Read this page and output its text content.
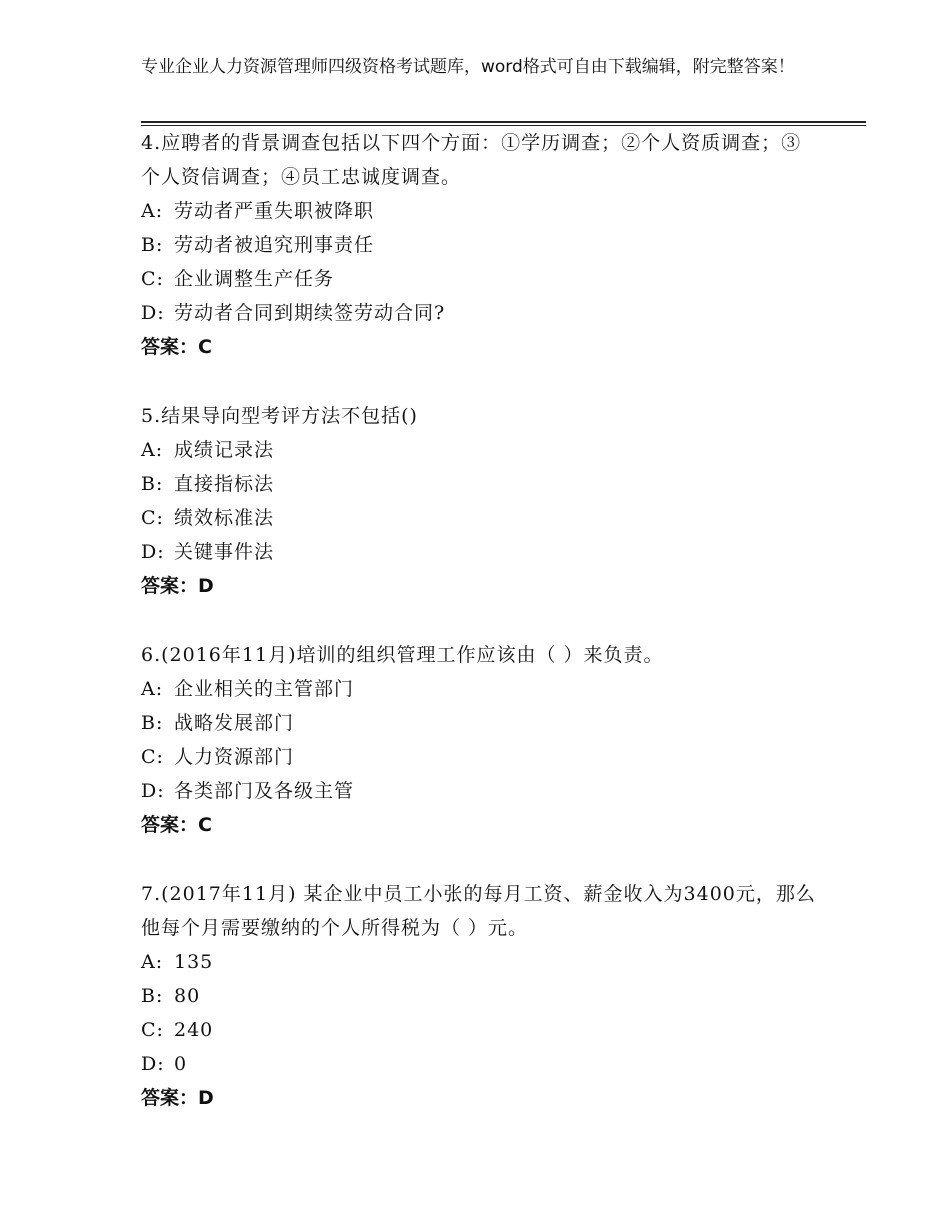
专业企业人力资源管理师四级资格考试题库，word格式可自由下载编辑，附完整答案！
4.应聘者的背景调查包括以下四个方面：①学历调查；②个人资质调查；③个人资信调查；④员工忠诚度调查。
A: 劳动者严重失职被降职
B: 劳动者被追究刑事责任
C: 企业调整生产任务
D: 劳动者合同到期续签劳动合同?
答案：C
5.结果导向型考评方法不包括()
A: 成绩记录法
B: 直接指标法
C: 绩效标准法
D: 关键事件法
答案：D
6.(2016年11月)培训的组织管理工作应该由（ ）来负责。
A: 企业相关的主管部门
B: 战略发展部门
C: 人力资源部门
D: 各类部门及各级主管
答案：C
7.(2017年11月) 某企业中员工小张的每月工资、薪金收入为3400元，那么他每个月需要缴纳的个人所得税为（ ）元。
A: 135
B: 80
C: 240
D: 0
答案：D
